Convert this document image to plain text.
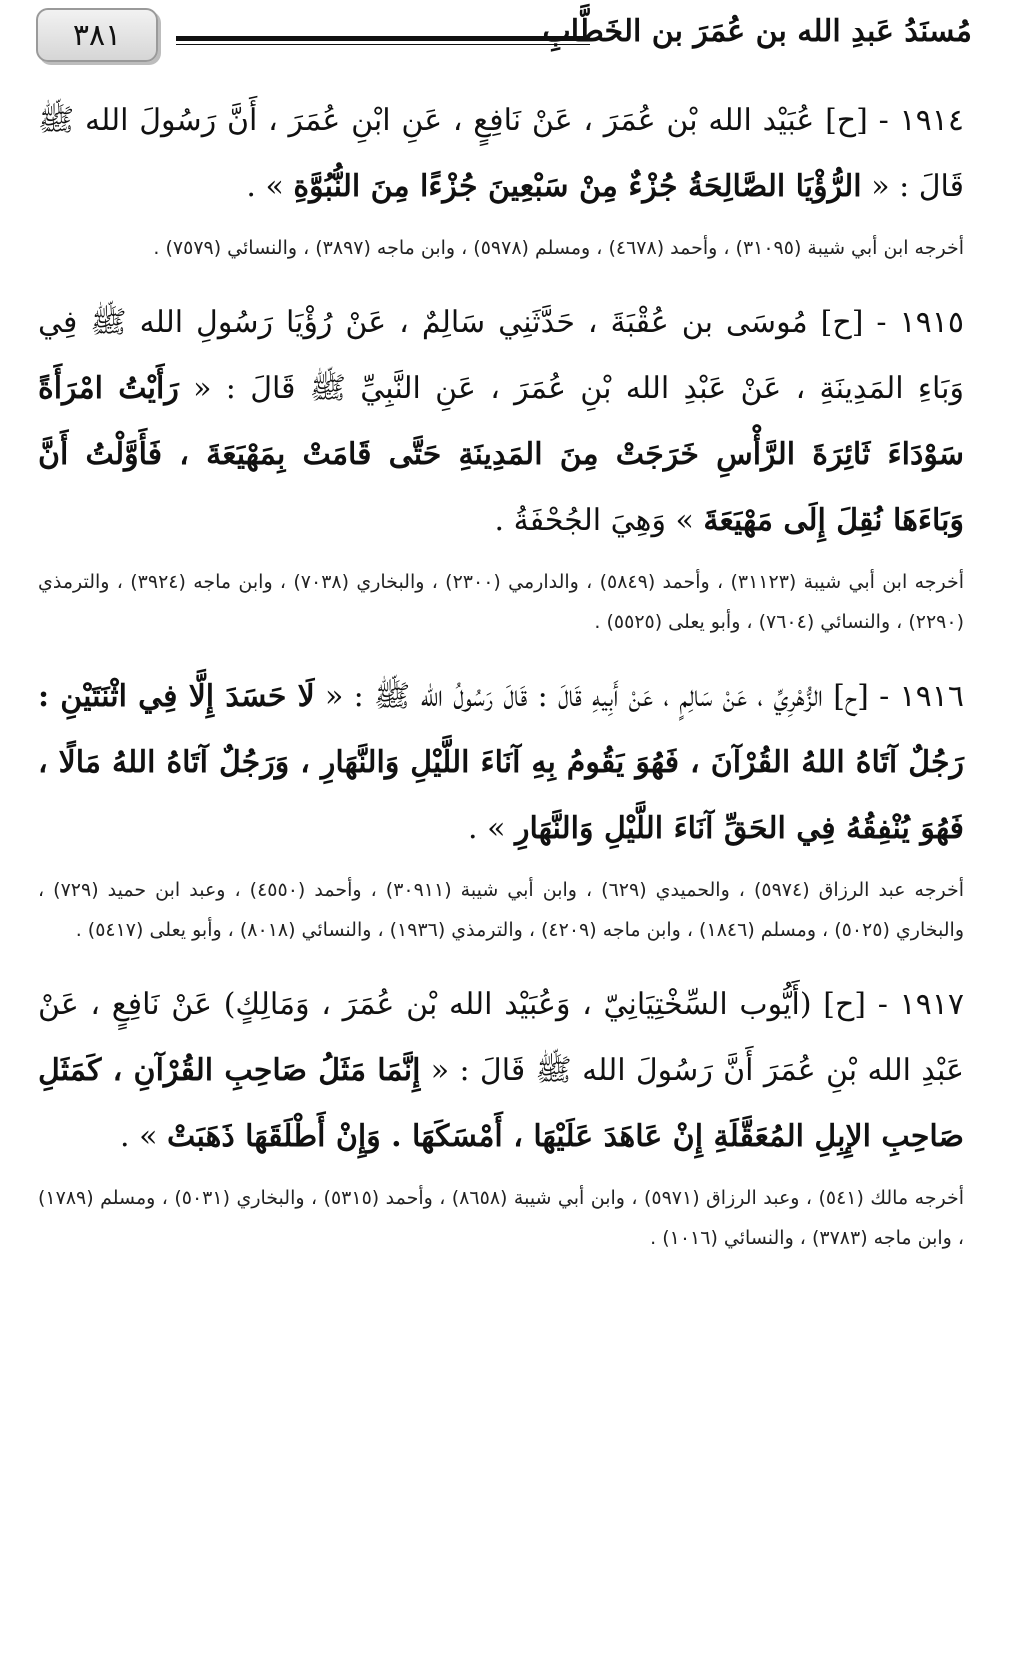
٣٨١	مُسنَدُ عَبدِ الله بن عُمَرَ بن الخَطَّابِ

١٩١٤ - [ح] عُبَيْد الله بْن عُمَرَ ، عَنْ نَافِعٍ ، عَنِ ابْنِ عُمَرَ ، أَنَّ رَسُولَ الله ﷺ قَالَ : « الرُّؤْيَا الصَّالِحَةُ جُزْءٌ مِنْ سَبْعِينَ جُزْءًا مِنَ النُّبُوَّةِ » .

أخرجه ابن أبي شيبة (٣١٠٩٥) ، وأحمد (٤٦٧٨) ، ومسلم (٥٩٧٨) ، وابن ماجه (٣٨٩٧) ، والنسائي (٧٥٧٩) .

١٩١٥ - [ح] مُوسَى بن عُقْبَةَ ، حَدَّثَنِي سَالِمٌ ، عَنْ رُؤْيَا رَسُولِ الله ﷺ فِي وَبَاءِ المَدِينَةِ ، عَنْ عَبْدِ الله بْنِ عُمَرَ ، عَنِ النَّبِيِّ ﷺ قَالَ : « رَأَيْتُ امْرَأَةً سَوْدَاءَ ثَائِرَةَ الرَّأْسِ خَرَجَتْ مِنَ المَدِينَةِ حَتَّى قَامَتْ بِمَهْيَعَةَ ، فَأَوَّلْتُ أَنَّ وَبَاءَهَا نُقِلَ إِلَى مَهْيَعَةَ » وَهِيَ الجُحْفَةُ .

أخرجه ابن أبي شيبة (٣١١٢٣) ، وأحمد (٥٨٤٩) ، والدارمي (٢٣٠٠) ، والبخاري (٧٠٣٨) ، وابن ماجه (٣٩٢٤) ، والترمذي (٢٢٩٠) ، والنسائي (٧٦٠٤) ، وأبو يعلى (٥٥٢٥) .

١٩١٦ - [ح] الزُّهْرِيِّ ، عَنْ سَالِمٍ ، عَنْ أَبِيهِ قَالَ : قَالَ رَسُولُ الله ﷺ : « لَا حَسَدَ إِلَّا فِي اثْنَتَيْنِ : رَجُلٌ آتَاهُ اللهُ القُرْآنَ ، فَهُوَ يَقُومُ بِهِ آنَاءَ اللَّيْلِ وَالنَّهَارِ ، وَرَجُلٌ آتَاهُ اللهُ مَالًا ، فَهُوَ يُنْفِقُهُ فِي الحَقِّ آنَاءَ اللَّيْلِ وَالنَّهَارِ » .

أخرجه عبد الرزاق (٥٩٧٤) ، والحميدي (٦٢٩) ، وابن أبي شيبة (٣٠٩١١) ، وأحمد (٤٥٥٠) ، وعبد ابن حميد (٧٢٩) ، والبخاري (٥٠٢٥) ، ومسلم (١٨٤٦) ، وابن ماجه (٤٢٠٩) ، والترمذي (١٩٣٦) ، والنسائي (٨٠١٨) ، وأبو يعلى (٥٤١٧) .

١٩١٧ - [ح] (أَيُّوب السِّخْتِيَانِيّ ، وَعُبَيْد الله بْن عُمَرَ ، وَمَالِكٍ) عَنْ نَافِعٍ ، عَنْ عَبْدِ الله بْنِ عُمَرَ أَنَّ رَسُولَ الله ﷺ قَالَ : « إِنَّمَا مَثَلُ صَاحِبِ القُرْآنِ ، كَمَثَلِ صَاحِبِ الإِبِلِ المُعَقَّلَةِ إِنْ عَاهَدَ عَلَيْهَا ، أَمْسَكَهَا . وَإِنْ أَطْلَقَهَا ذَهَبَتْ » .

أخرجه مالك (٥٤١) ، وعبد الرزاق (٥٩٧١) ، وابن أبي شيبة (٨٦٥٨) ، وأحمد (٥٣١٥) ، والبخاري (٥٠٣١) ، ومسلم (١٧٨٩) ، وابن ماجه (٣٧٨٣) ، والنسائي (١٠١٦) .
